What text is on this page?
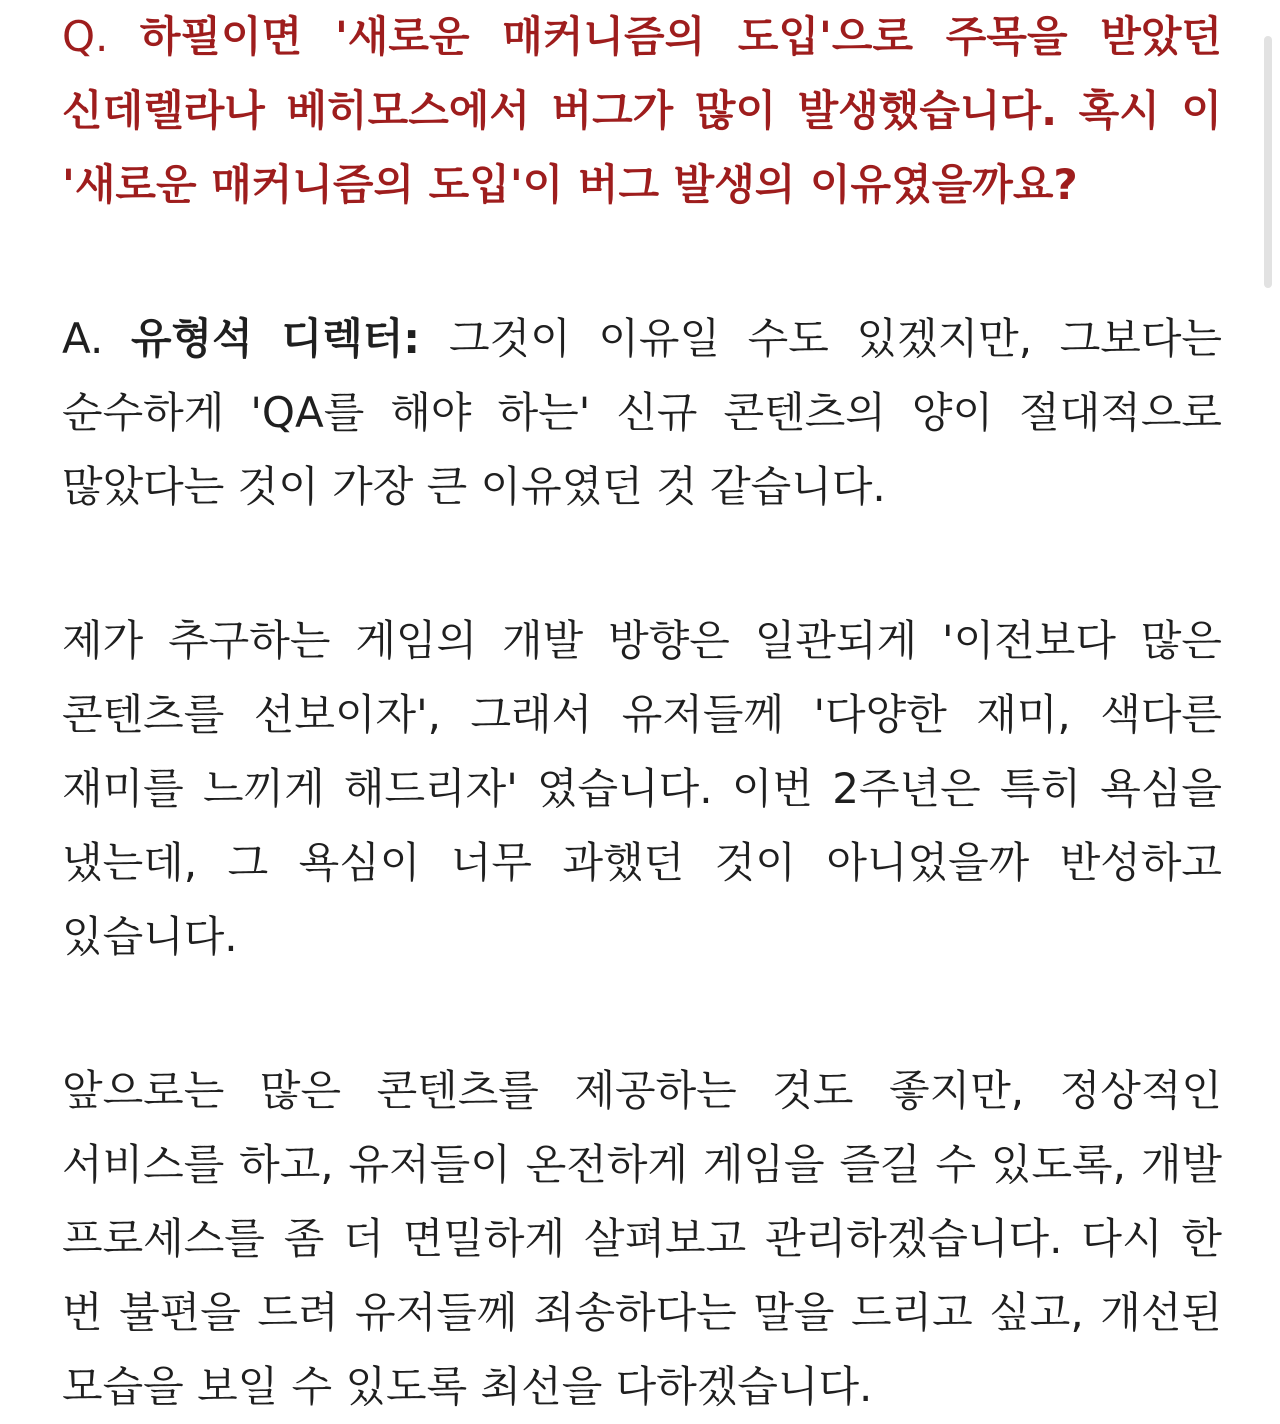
Q. 하필이면 '새로운 매커니즘의 도입'으로 주목을 받았던 신데렐라나 베히모스에서 버그가 많이 발생했습니다. 혹시 이 '새로운 매커니즘의 도입'이 버그 발생의 이유였을까요?

A. 유형석 디렉터: 그것이 이유일 수도 있겠지만, 그보다는 순수하게 'QA를 해야 하는' 신규 콘텐츠의 양이 절대적으로 많았다는 것이 가장 큰 이유였던 것 같습니다.

제가 추구하는 게임의 개발 방향은 일관되게 '이전보다 많은 콘텐츠를 선보이자', 그래서 유저들께 '다양한 재미, 색다른 재미를 느끼게 해드리자' 였습니다. 이번 2주년은 특히 욕심을 냈는데, 그 욕심이 너무 과했던 것이 아니었을까 반성하고 있습니다.

앞으로는 많은 콘텐츠를 제공하는 것도 좋지만, 정상적인 서비스를 하고, 유저들이 온전하게 게임을 즐길 수 있도록, 개발 프로세스를 좀 더 면밀하게 살펴보고 관리하겠습니다. 다시 한 번 불편을 드려 유저들께 죄송하다는 말을 드리고 싶고, 개선된 모습을 보일 수 있도록 최선을 다하겠습니다.
